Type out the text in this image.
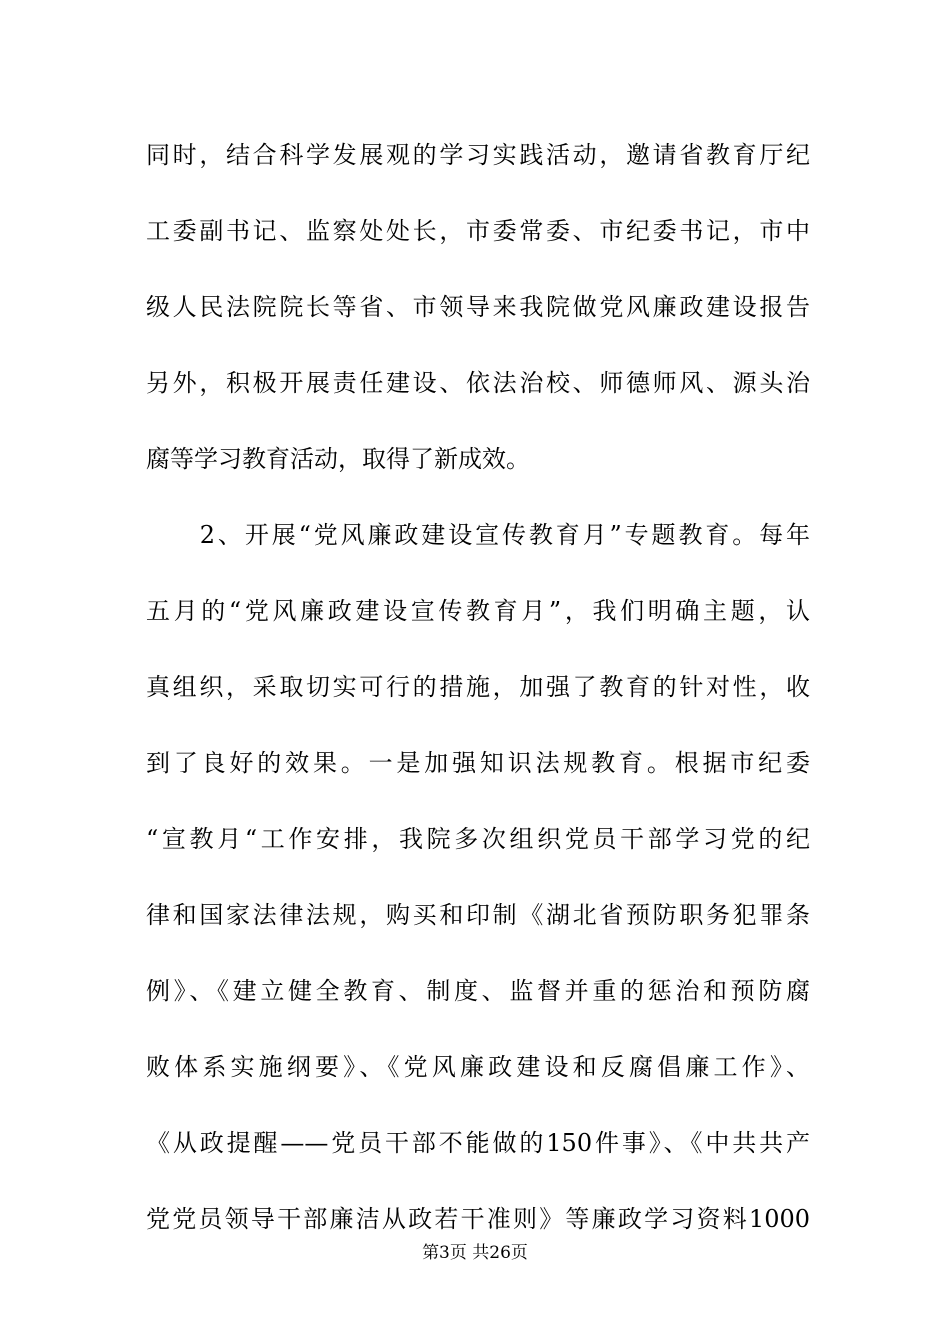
同时，结合科学发展观的学习实践活动，邀请省教育厅纪
工委副书记、监察处处长，市委常委、市纪委书记，市中
级人民法院院长等省、市领导来我院做党风廉政建设报告
另外，积极开展责任建设、依法治校、师德师风、源头治
腐等学习教育活动，取得了新成效。
　　2、开展“党风廉政建设宣传教育月”专题教育。每年
五月的“党风廉政建设宣传教育月”，我们明确主题，认
真组织，采取切实可行的措施，加强了教育的针对性，收
到了良好的效果。一是加强知识法规教育。根据市纪委
“宣教月“工作安排，我院多次组织党员干部学习党的纪
律和国家法律法规，购买和印制《湖北省预防职务犯罪条
例》、《建立健全教育、制度、监督并重的惩治和预防腐
败体系实施纲要》、《党风廉政建设和反腐倡廉工作》、
《从政提醒——党员干部不能做的150件事》、《中共共产
党党员领导干部廉洁从政若干准则》等廉政学习资料1000
第3页 共26页
